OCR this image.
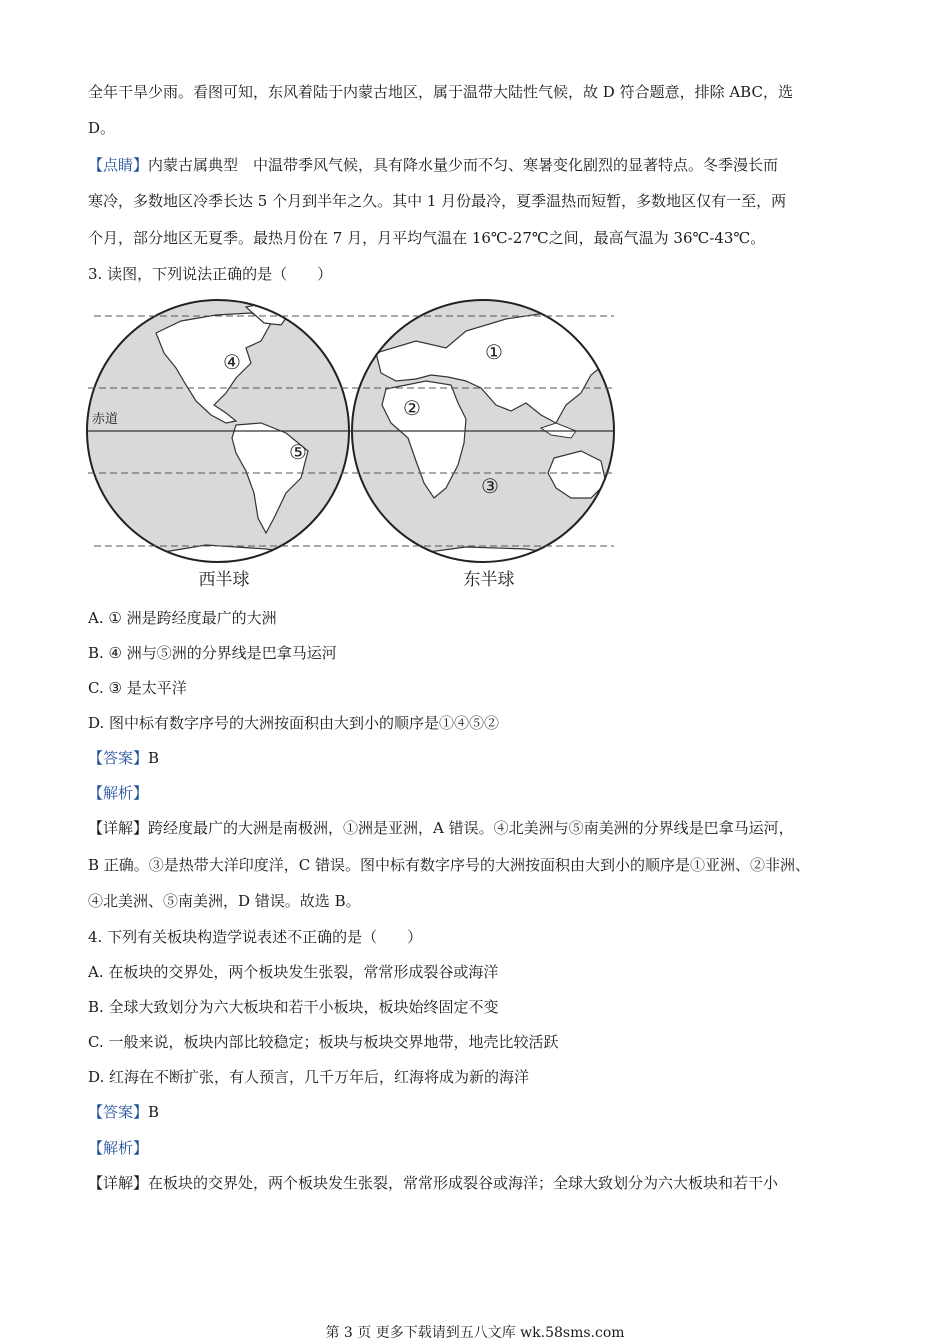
全年干旱少雨。看图可知，东风着陆于内蒙古地区，属于温带大陆性气候，故 D 符合题意，排除 ABC，选
D。
【点睛】内蒙古属典型　中温带季风气候，具有降水量少而不匀、寒暑变化剧烈的显著特点。冬季漫长而
寒冷，多数地区冷季长达 5 个月到半年之久。其中 1 月份最冷，夏季温热而短暂，多数地区仅有一至，两
个月，部分地区无夏季。最热月份在 7 月，月平均气温在 16℃-27℃之间，最高气温为 36℃-43℃。
3. 读图，下列说法正确的是（　　）
赤道
①
②
③
④
⑤
西半球	东半球
A. ① 洲是跨经度最广的大洲
B. ④ 洲与⑤洲的分界线是巴拿马运河
C. ③ 是太平洋
D. 图中标有数字序号的大洲按面积由大到小的顺序是①④⑤②
【答案】B
【解析】
【详解】跨经度最广的大洲是南极洲，①洲是亚洲，A 错误。④北美洲与⑤南美洲的分界线是巴拿马运河，
B 正确。③是热带大洋印度洋，C 错误。图中标有数字序号的大洲按面积由大到小的顺序是①亚洲、②非洲、
④北美洲、⑤南美洲，D 错误。故选 B。
4. 下列有关板块构造学说表述不正确的是（　　）
A. 在板块的交界处，两个板块发生张裂，常常形成裂谷或海洋
B. 全球大致划分为六大板块和若干小板块，板块始终固定不变
C. 一般来说，板块内部比较稳定；板块与板块交界地带，地壳比较活跃
D. 红海在不断扩张，有人预言，几千万年后，红海将成为新的海洋
【答案】B
【解析】
【详解】在板块的交界处，两个板块发生张裂，常常形成裂谷或海洋；全球大致划分为六大板块和若干小
第 3 页 更多下载请到五八文库 wk.58sms.com
